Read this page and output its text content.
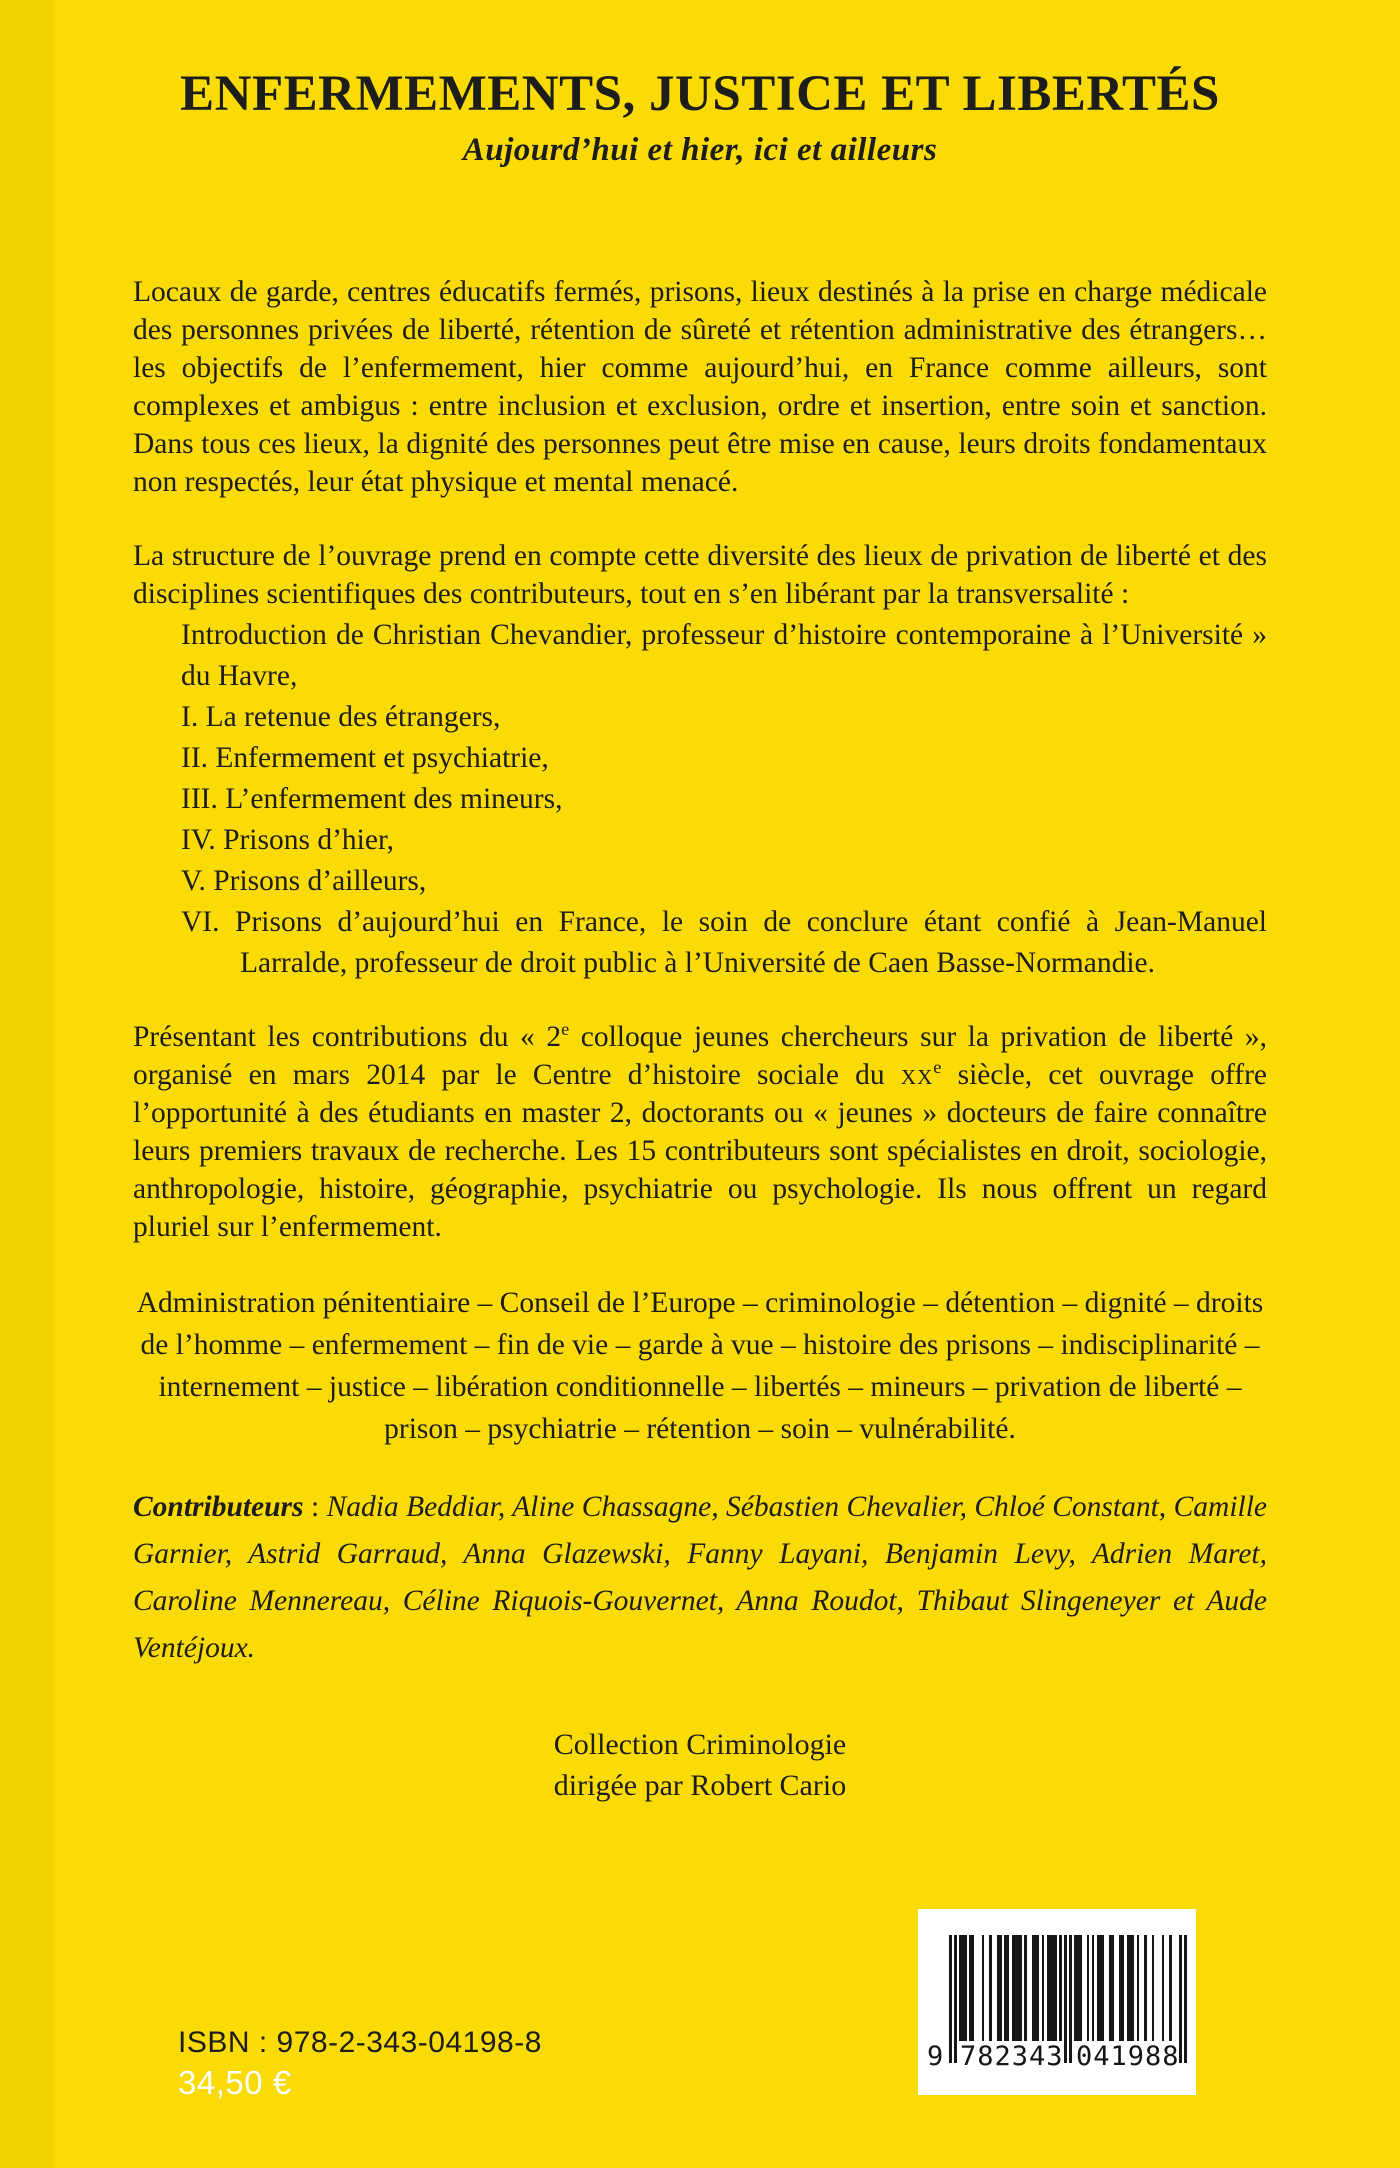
ENFERMEMENTS, JUSTICE ET LIBERTÉS
Aujourd’hui et hier, ici et ailleurs

Locaux de garde, centres éducatifs fermés, prisons, lieux destinés à la prise en charge médicale des personnes privées de liberté, rétention de sûreté et rétention administrative des étrangers… les objectifs de l’enfermement, hier comme aujourd’hui, en France comme ailleurs, sont complexes et ambigus : entre inclusion et exclusion, ordre et insertion, entre soin et sanction. Dans tous ces lieux, la dignité des personnes peut être mise en cause, leurs droits fondamentaux non respectés, leur état physique et mental menacé.

La structure de l’ouvrage prend en compte cette diversité des lieux de privation de liberté et des disciplines scientifiques des contributeurs, tout en s’en libérant par la transversalité :

Introduction de Christian Chevandier, professeur d’histoire contemporaine à l’Université » du Havre,

I. La retenue des étrangers,

II. Enfermement et psychiatrie,

III. L’enfermement des mineurs,

IV. Prisons d’hier,

V. Prisons d’ailleurs,

VI. Prisons d’aujourd’hui en France, le soin de conclure étant confié à Jean-Manuel Larralde, professeur de droit public à l’Université de Caen Basse-Normandie.

Présentant les contributions du « 2e colloque jeunes chercheurs sur la privation de liberté », organisé en mars 2014 par le Centre d’histoire sociale du $xx^e$ siècle, cet ouvrage offre l’opportunité à des étudiants en master 2, doctorants ou « jeunes » docteurs de faire connaître leurs premiers travaux de recherche. Les 15 contributeurs sont spécialistes en droit, sociologie, anthropologie, histoire, géographie, psychiatrie ou psychologie. Ils nous offrent un regard pluriel sur l’enfermement.

Administration pénitentiaire – Conseil de l’Europe – criminologie – détention – dignité – droits de l’homme – enfermement – fin de vie – garde à vue – histoire des prisons – indisciplinarité – internement – justice – libération conditionnelle – libertés – mineurs – privation de liberté – prison – psychiatrie – rétention – soin – vulnérabilité.

Contributeurs : Nadia Beddiar, Aline Chassagne, Sébastien Chevalier, Chloé Constant, Camille Garnier, Astrid Garraud, Anna Glazewski, Fanny Layani, Benjamin Levy, Adrien Maret, Caroline Mennereau, Céline Riquois-Gouvernet, Anna Roudot, Thibaut Slingeneyer et Aude Ventéjoux.

Collection Criminologie

dirigée par Robert Cario

ISBN : 978-2-343-04198-8
34,50 €
9 782343 041988
